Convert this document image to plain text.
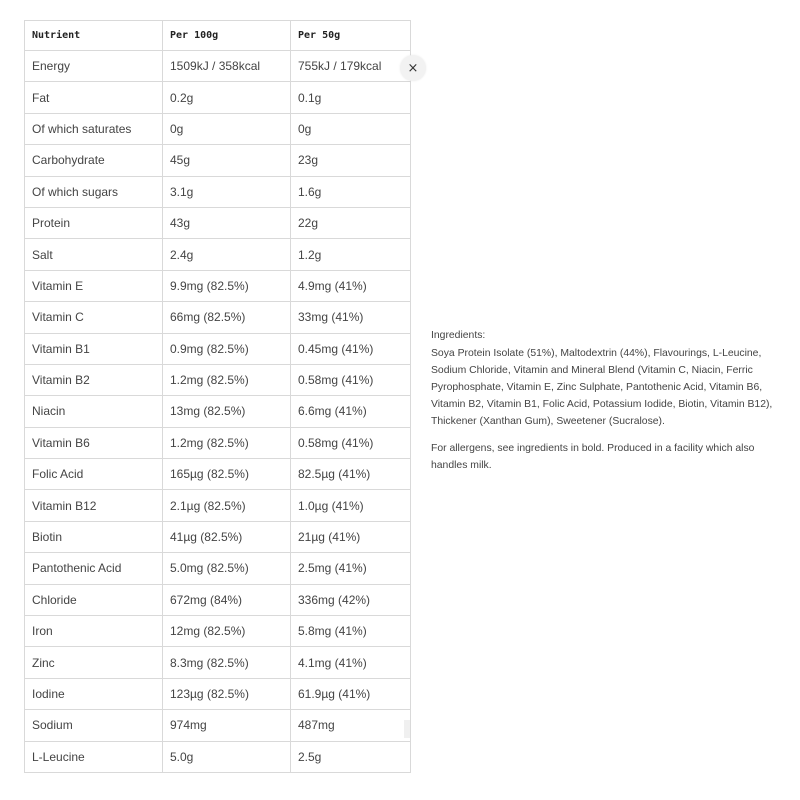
Nutrient	Per 100g	Per 50g
Energy	1509kJ / 358kcal	755kJ / 179kcal
Fat	0.2g	0.1g
Of which saturates	0g	0g
Carbohydrate	45g	23g
Of which sugars	3.1g	1.6g
Protein	43g	22g
Salt	2.4g	1.2g
Vitamin E	9.9mg (82.5%)	4.9mg (41%)
Vitamin C	66mg (82.5%)	33mg (41%)
Vitamin B1	0.9mg (82.5%)	0.45mg (41%)
Vitamin B2	1.2mg (82.5%)	0.58mg (41%)
Niacin	13mg (82.5%)	6.6mg (41%)
Vitamin B6	1.2mg (82.5%)	0.58mg (41%)
Folic Acid	165µg (82.5%)	82.5µg (41%)
Vitamin B12	2.1µg (82.5%)	1.0µg (41%)
Biotin	41µg (82.5%)	21µg (41%)
Pantothenic Acid	5.0mg (82.5%)	2.5mg (41%)
Chloride	672mg (84%)	336mg (42%)
Iron	12mg (82.5%)	5.8mg (41%)
Zinc	8.3mg (82.5%)	4.1mg (41%)
Iodine	123µg (82.5%)	61.9µg (41%)
Sodium	974mg	487mg
L-Leucine	5.0g	2.5g
×

Ingredients:

Soya Protein Isolate (51%), Maltodextrin (44%), Flavourings, L-Leucine, Sodium Chloride, Vitamin and Mineral Blend (Vitamin C, Niacin, Ferric Pyrophosphate, Vitamin E, Zinc Sulphate, Pantothenic Acid, Vitamin B6, Vitamin B2, Vitamin B1, Folic Acid, Potassium Iodide, Biotin, Vitamin B12), Thickener (Xanthan Gum), Sweetener (Sucralose).

For allergens, see ingredients in bold. Produced in a facility which also handles milk.
